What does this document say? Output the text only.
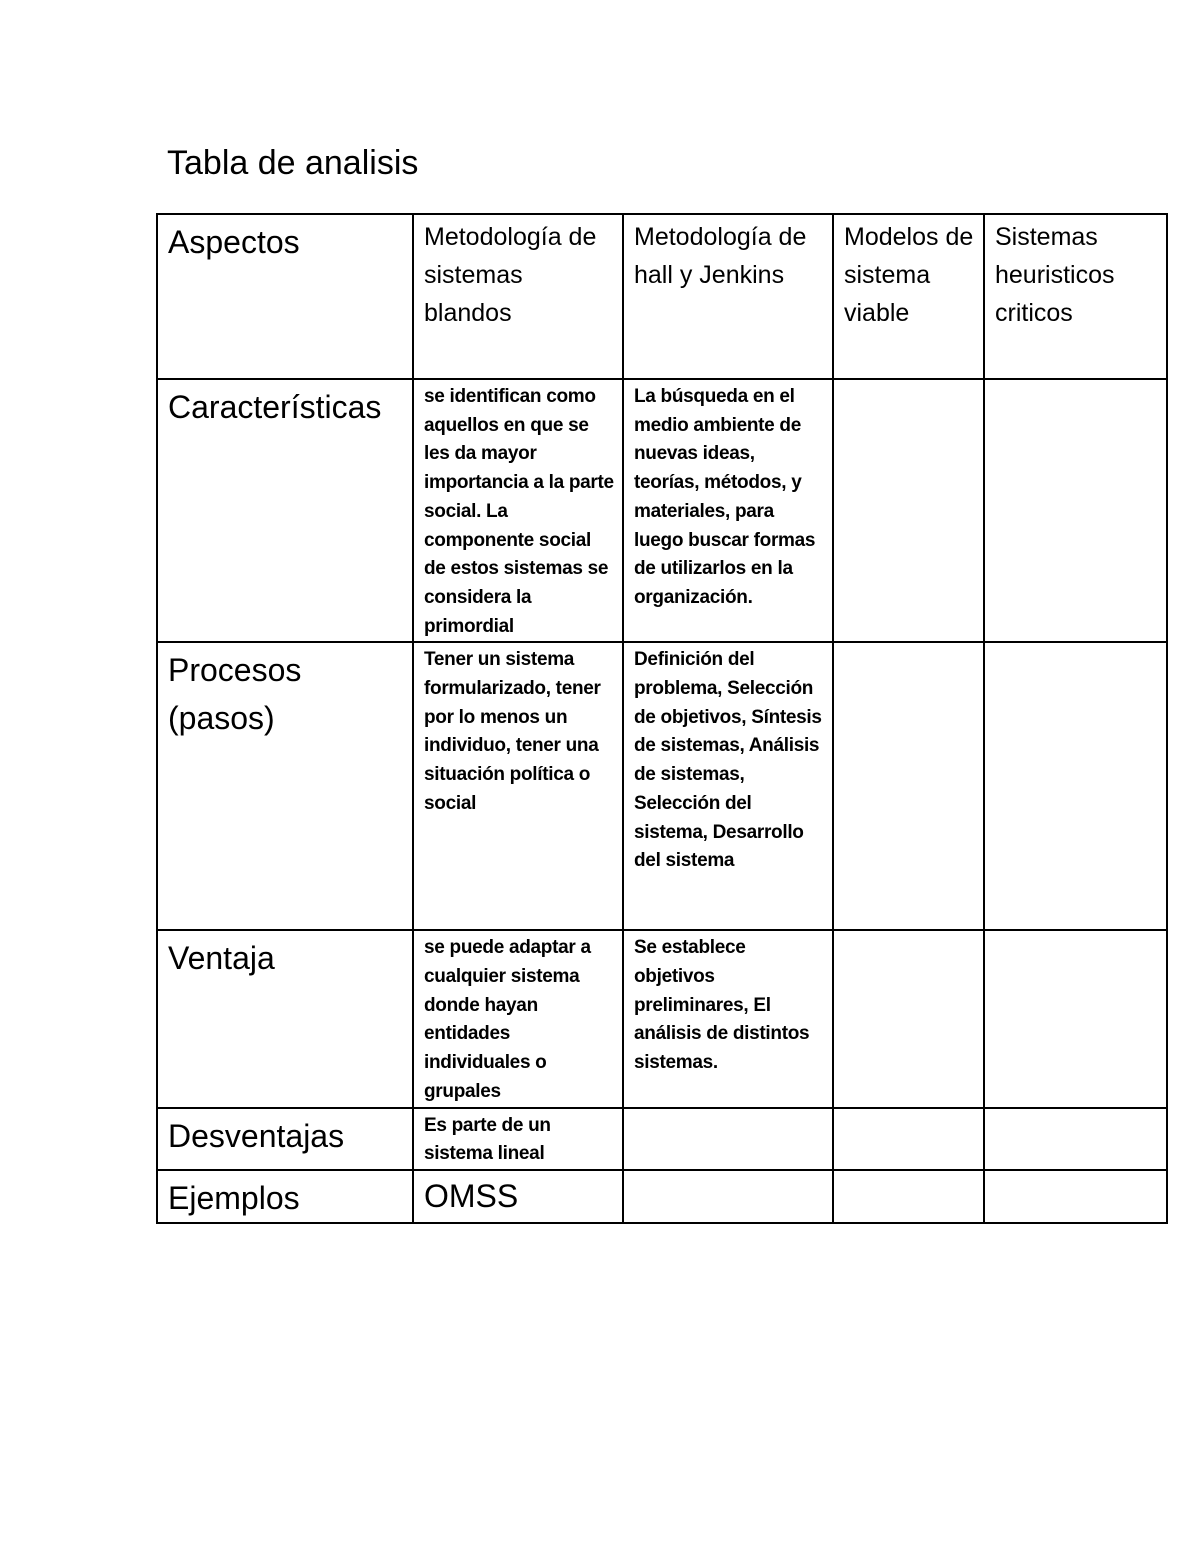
Tabla de analisis
Aspectos	Metodología de sistemas blandos	Metodología de hall y Jenkins	Modelos de sistema viable	Sistemas heuristicos criticos
Características	se identifican como aquellos en que se les da mayor importancia a la parte social. La componente social de estos sistemas se considera la primordial	La búsqueda en el medio ambiente de nuevas ideas, teorías, métodos, y materiales, para luego buscar formas de utilizarlos en la organización.		
Procesos (pasos)	Tener un sistema formularizado, tener por lo menos un individuo, tener una situación política o social	Definición del problema, Selección de objetivos, Síntesis de sistemas, Análisis de sistemas, Selección del sistema, Desarrollo del sistema		
Ventaja	se puede adaptar a cualquier sistema donde hayan entidades individuales o grupales	Se establece objetivos preliminares, El análisis de distintos sistemas.		
Desventajas	Es parte de un sistema lineal			
Ejemplos	OMSS			
